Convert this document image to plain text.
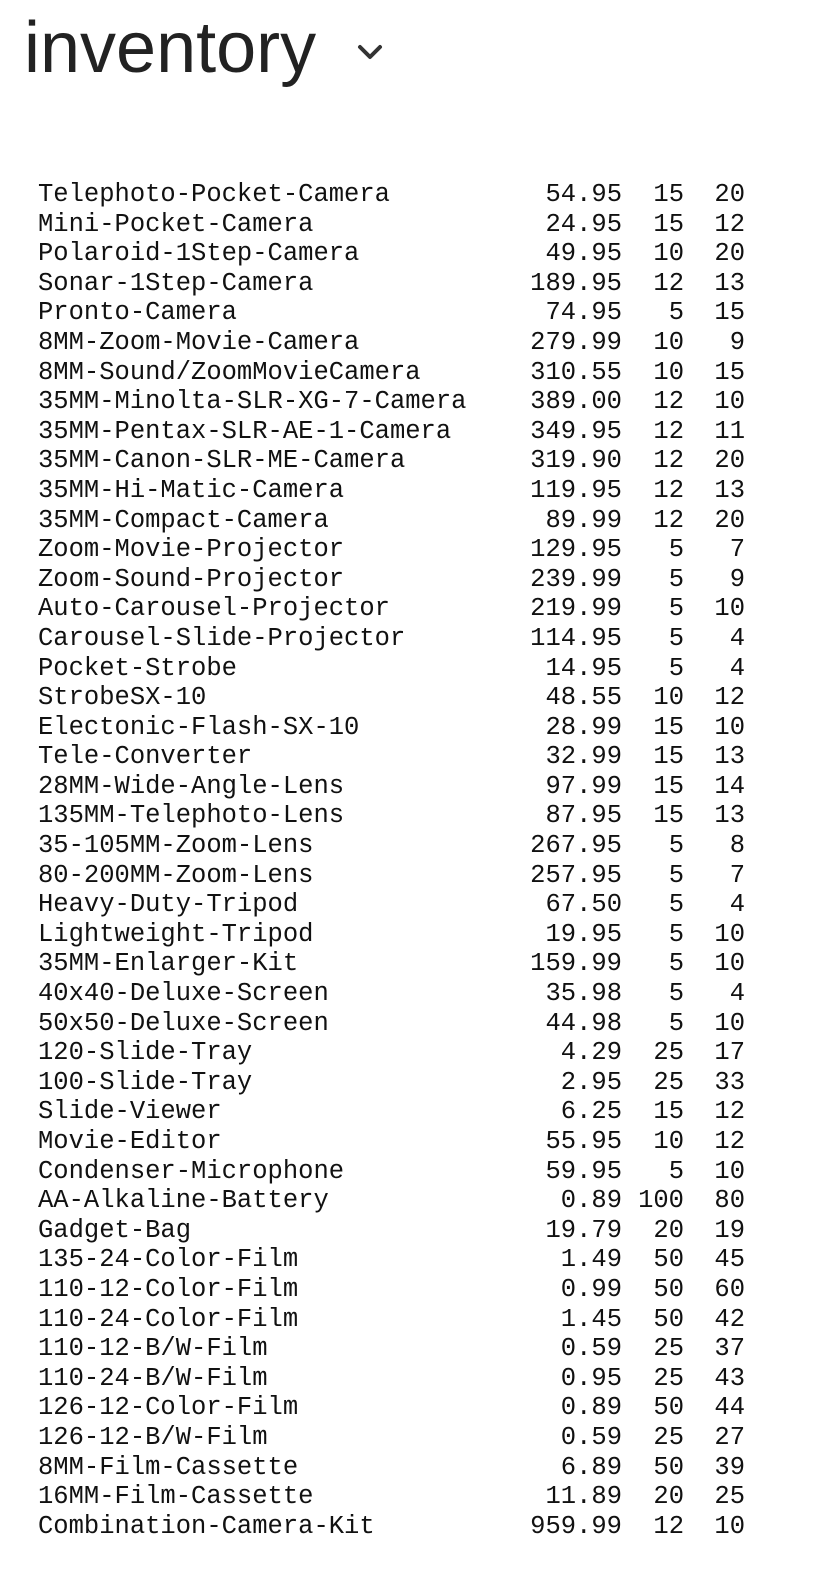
inventory
Telephoto-Pocket-Camera	54.95	15	20
Mini-Pocket-Camera	24.95	15	12
Polaroid-1Step-Camera	49.95	10	20
Sonar-1Step-Camera	189.95	12	13
Pronto-Camera	74.95	5	15
8MM-Zoom-Movie-Camera	279.99	10	9
8MM-Sound/ZoomMovieCamera	310.55	10	15
35MM-Minolta-SLR-XG-7-Camera	389.00	12	10
35MM-Pentax-SLR-AE-1-Camera	349.95	12	11
35MM-Canon-SLR-ME-Camera	319.90	12	20
35MM-Hi-Matic-Camera	119.95	12	13
35MM-Compact-Camera	89.99	12	20
Zoom-Movie-Projector	129.95	5	7
Zoom-Sound-Projector	239.99	5	9
Auto-Carousel-Projector	219.99	5	10
Carousel-Slide-Projector	114.95	5	4
Pocket-Strobe	14.95	5	4
StrobeSX-10	48.55	10	12
Electonic-Flash-SX-10	28.99	15	10
Tele-Converter	32.99	15	13
28MM-Wide-Angle-Lens	97.99	15	14
135MM-Telephoto-Lens	87.95	15	13
35-105MM-Zoom-Lens	267.95	5	8
80-200MM-Zoom-Lens	257.95	5	7
Heavy-Duty-Tripod	67.50	5	4
Lightweight-Tripod	19.95	5	10
35MM-Enlarger-Kit	159.99	5	10
40x40-Deluxe-Screen	35.98	5	4
50x50-Deluxe-Screen	44.98	5	10
120-Slide-Tray	4.29	25	17
100-Slide-Tray	2.95	25	33
Slide-Viewer	6.25	15	12
Movie-Editor	55.95	10	12
Condenser-Microphone	59.95	5	10
AA-Alkaline-Battery	0.89 100	80
Gadget-Bag	19.79	20	19
135-24-Color-Film	1.49	50	45
110-12-Color-Film	0.99	50	60
110-24-Color-Film	1.45	50	42
110-12-B/W-Film	0.59	25	37
110-24-B/W-Film	0.95	25	43
126-12-Color-Film	0.89	50	44
126-12-B/W-Film	0.59	25	27
8MM-Film-Cassette	6.89	50	39
16MM-Film-Cassette	11.89	20	25
Combination-Camera-Kit	959.99	12	10
